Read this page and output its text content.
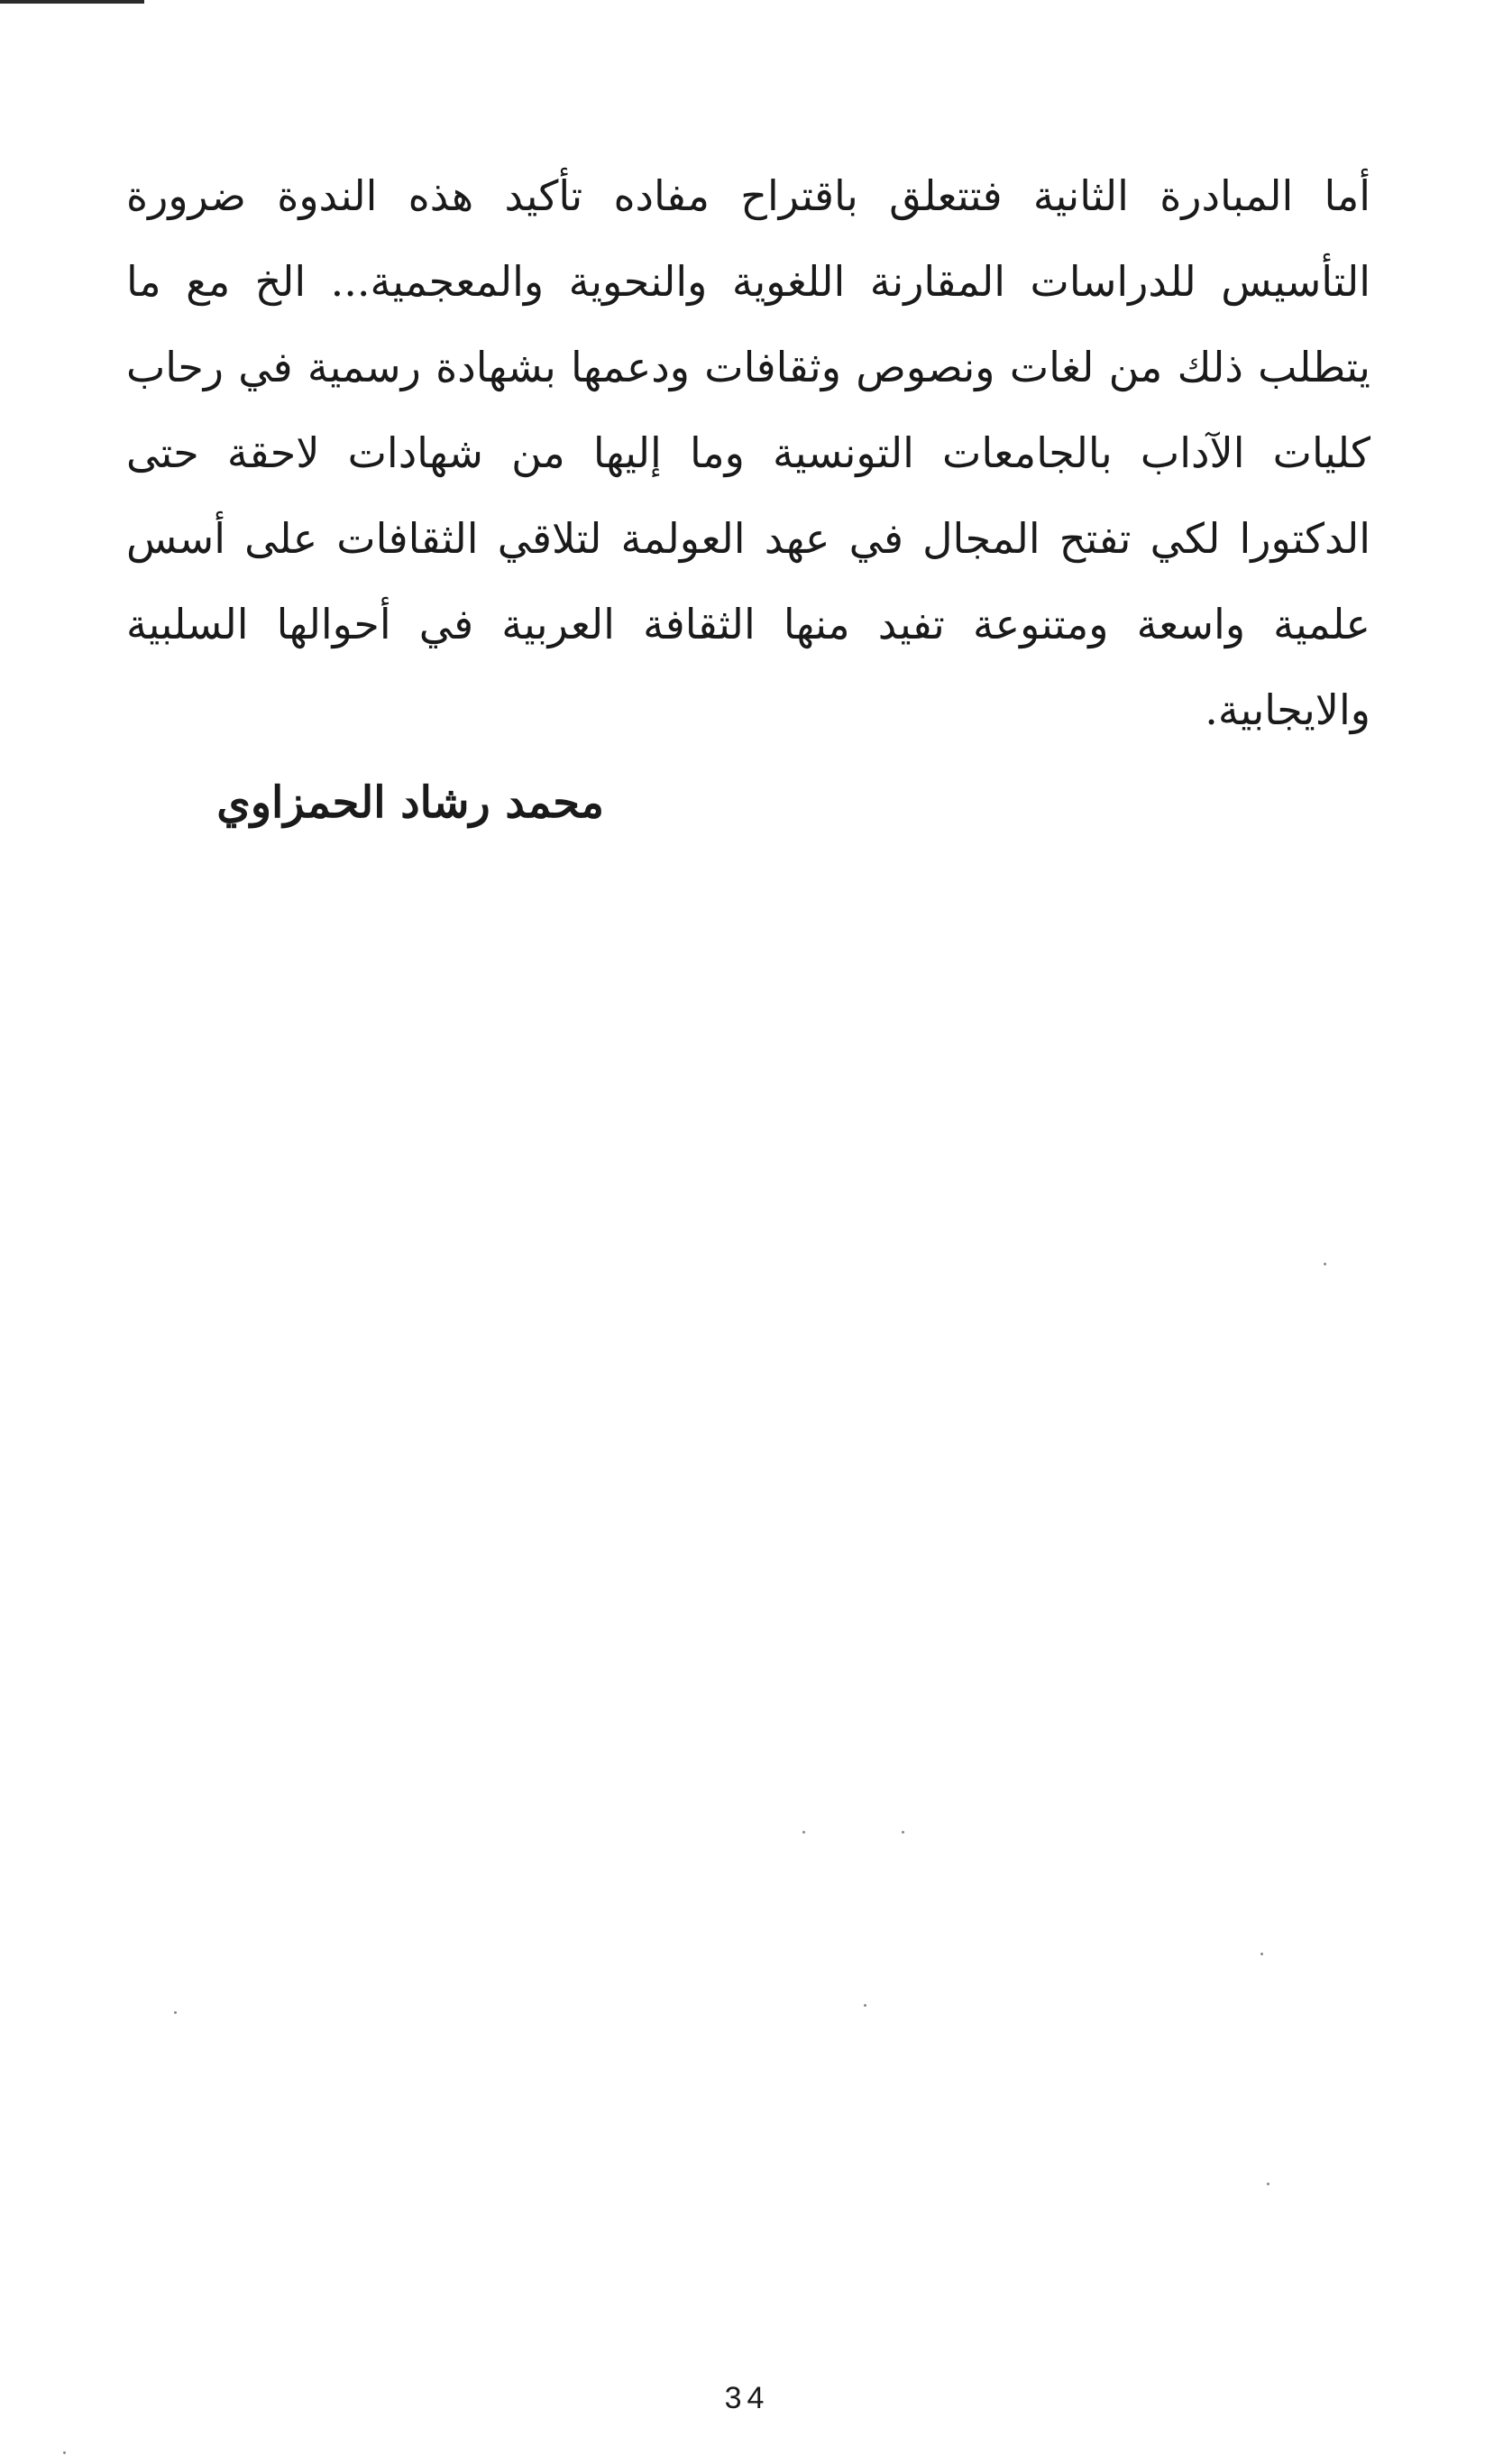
أما المبادرة الثانية فتتعلق باقتراح مفاده تأكيد هذه الندوة ضرورة التأسيس للدراسات المقارنة اللغوية والنحوية والمعجمية... الخ مع ما يتطلب ذلك من لغات ونصوص وثقافات ودعمها بشهادة رسمية في رحاب كليات الآداب بالجامعات التونسية وما إليها من شهادات لاحقة حتى الدكتورا لكي تفتح المجال في عهد العولمة لتلاقي الثقافات على أسس علمية واسعة ومتنوعة تفيد منها الثقافة العربية في أحوالها السلبية والايجابية.

محمد رشاد الحمزاوي
34
